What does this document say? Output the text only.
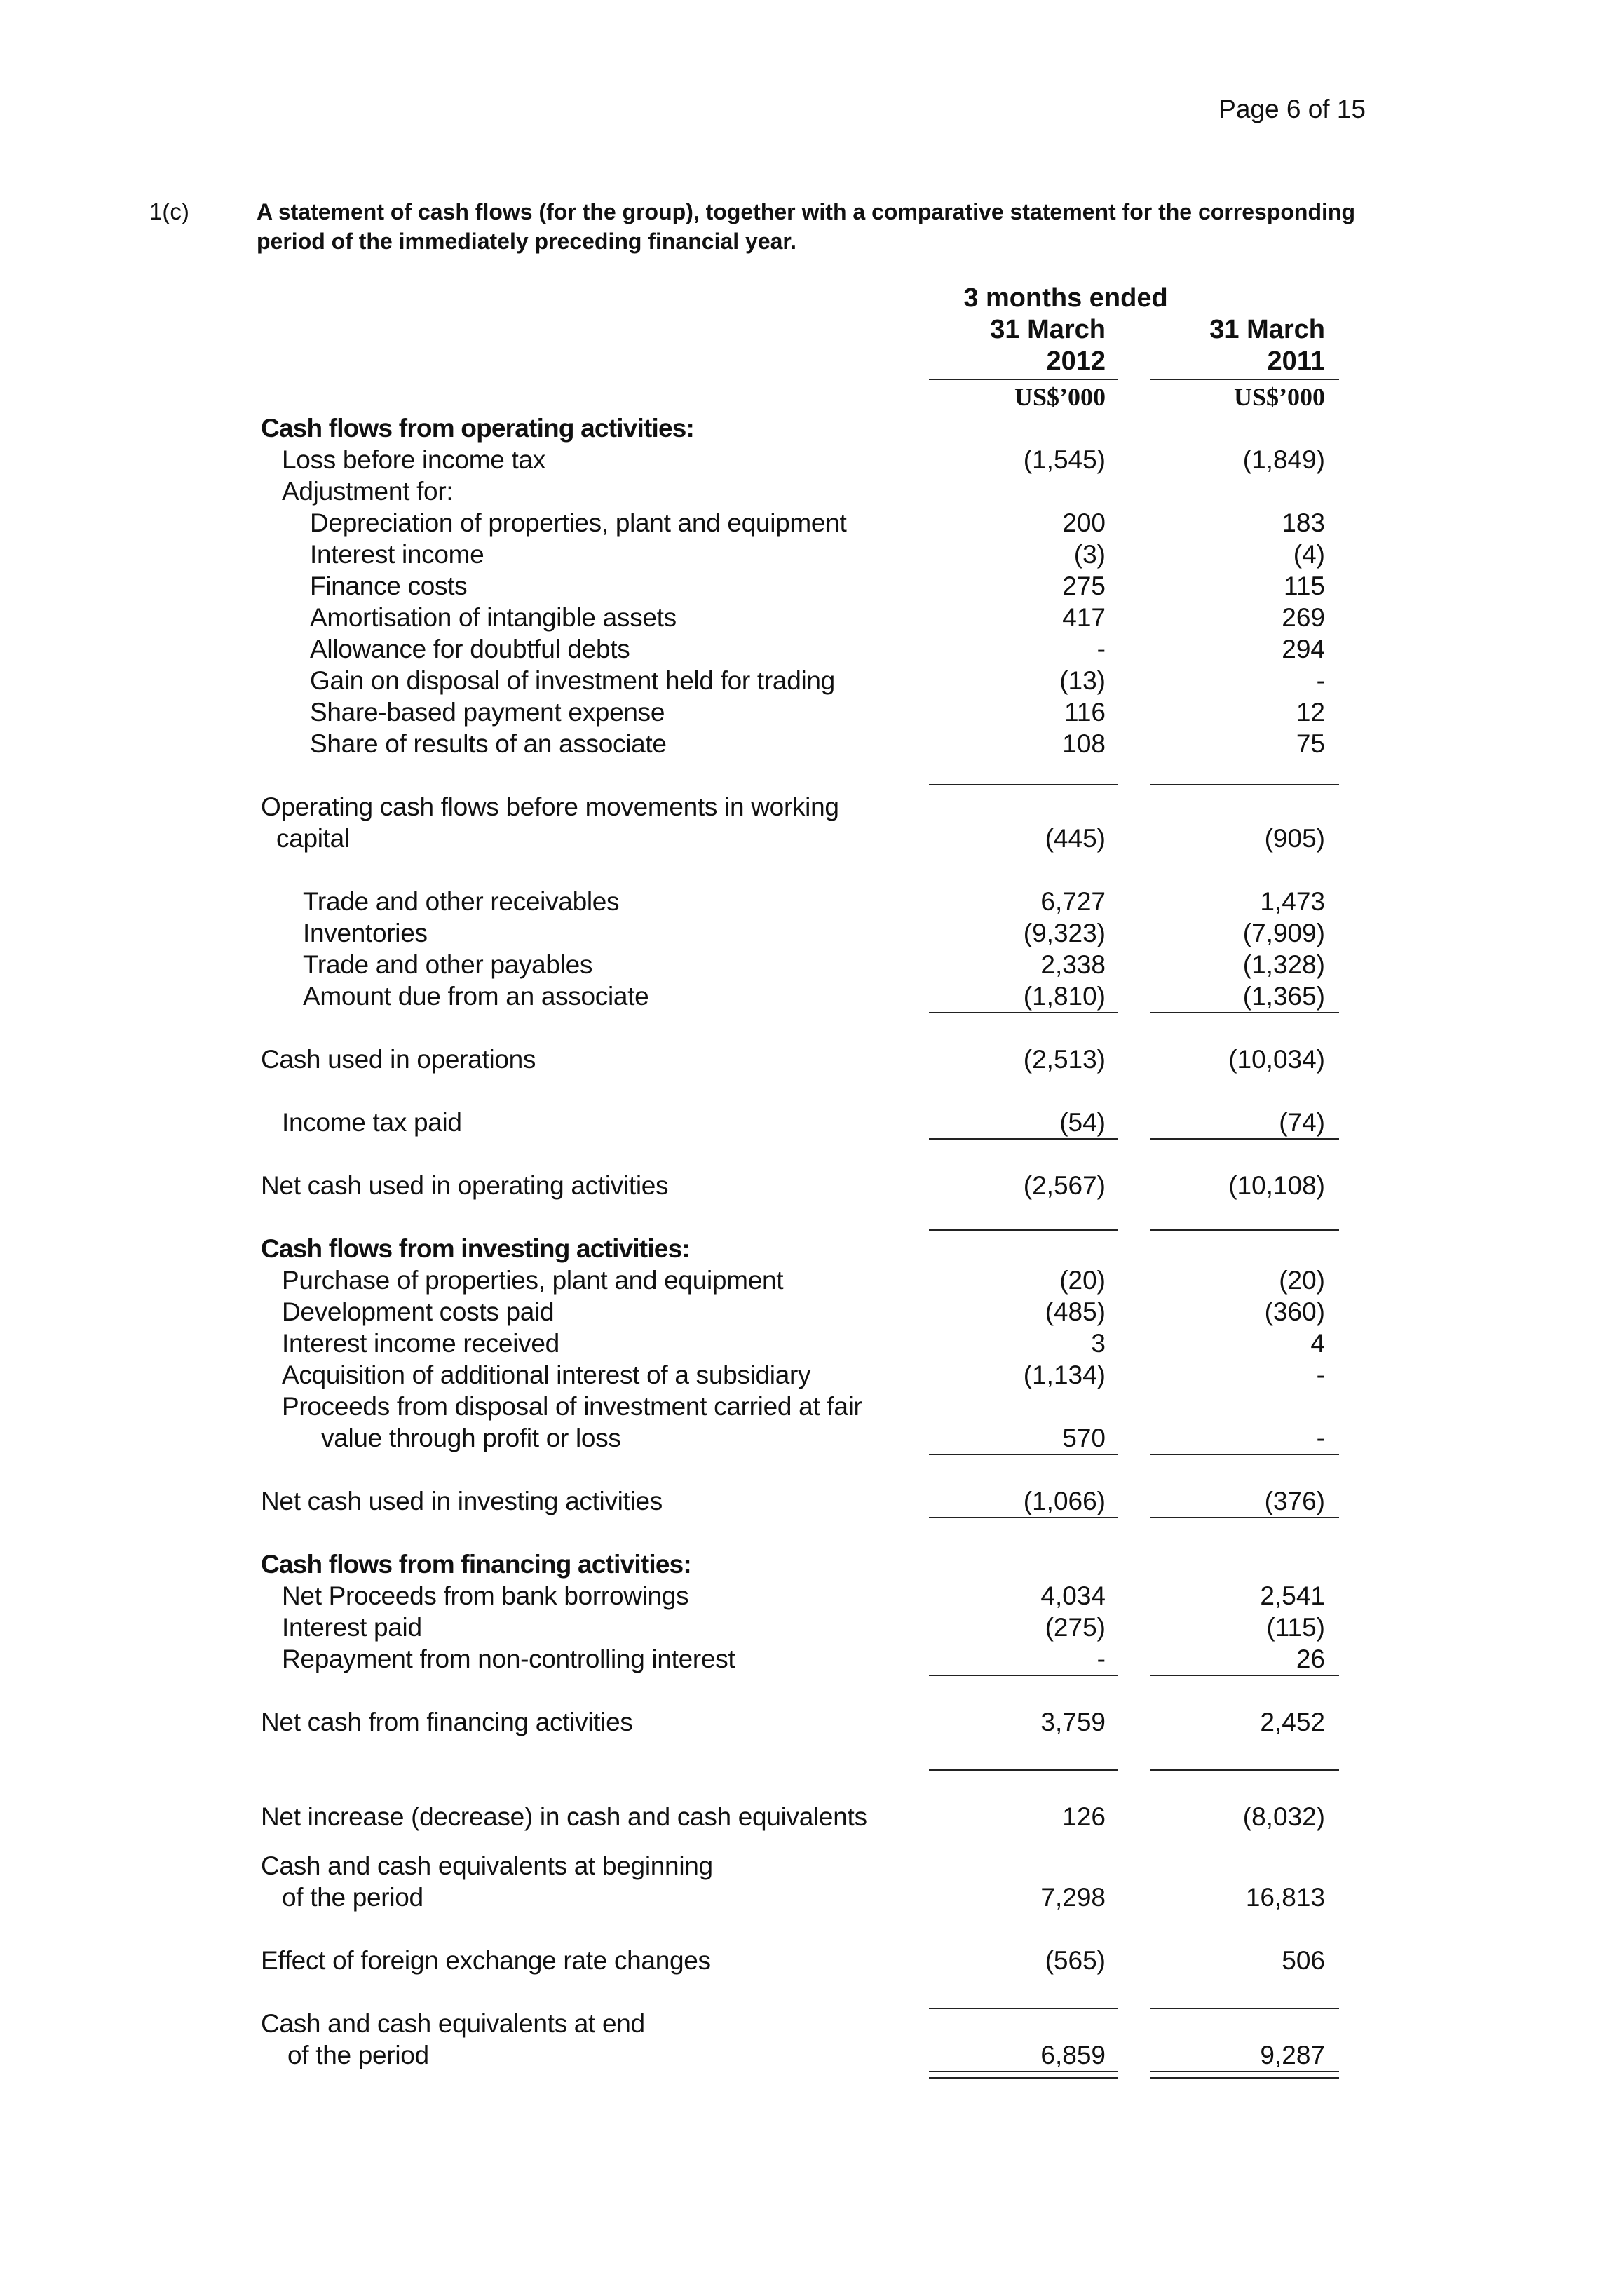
Page 6 of 15
1(c)	A statement of cash flows (for the group), together with a comparative statement for the corresponding period of the immediately preceding financial year.
3 months ended
31 March	31 March
2012	2011
US$’000	US$’000
Cash flows from operating activities:
Loss before income tax	(1,545)	(1,849)
Adjustment for:
Depreciation of properties, plant and equipment	200	183
Interest income	(3)	(4)
Finance costs	275	115
Amortisation of intangible assets	417	269
Allowance for doubtful debts	-	294
Gain on disposal of investment held for trading	(13)	-
Share-based payment expense	116	12
Share of results of an associate	108	75
Operating cash flows before movements in working
capital	(445)	(905)
Trade and other receivables	6,727	1,473
Inventories	(9,323)	(7,909)
Trade and other payables	2,338	(1,328)
Amount due from an associate	(1,810)	(1,365)
Cash used in operations	(2,513)	(10,034)
Income tax paid	(54)	(74)
Net cash used in operating activities	(2,567)	(10,108)
Cash flows from investing activities:
Purchase of properties, plant and equipment	(20)	(20)
Development costs paid	(485)	(360)
Interest income received	3	4
Acquisition of additional interest of a subsidiary	(1,134)	-
Proceeds from disposal of investment carried at fair
value through profit or loss	570	-
Net cash used in investing activities	(1,066)	(376)
Cash flows from financing activities:
Net Proceeds from bank borrowings	4,034	2,541
Interest paid	(275)	(115)
Repayment from non-controlling interest	-	26
Net cash from financing activities	3,759	2,452
Net increase (decrease) in cash and cash equivalents	126	(8,032)
Cash and cash equivalents at beginning
of the period	7,298	16,813
Effect of foreign exchange rate changes	(565)	506
Cash and cash equivalents at end
of the period	6,859	9,287
